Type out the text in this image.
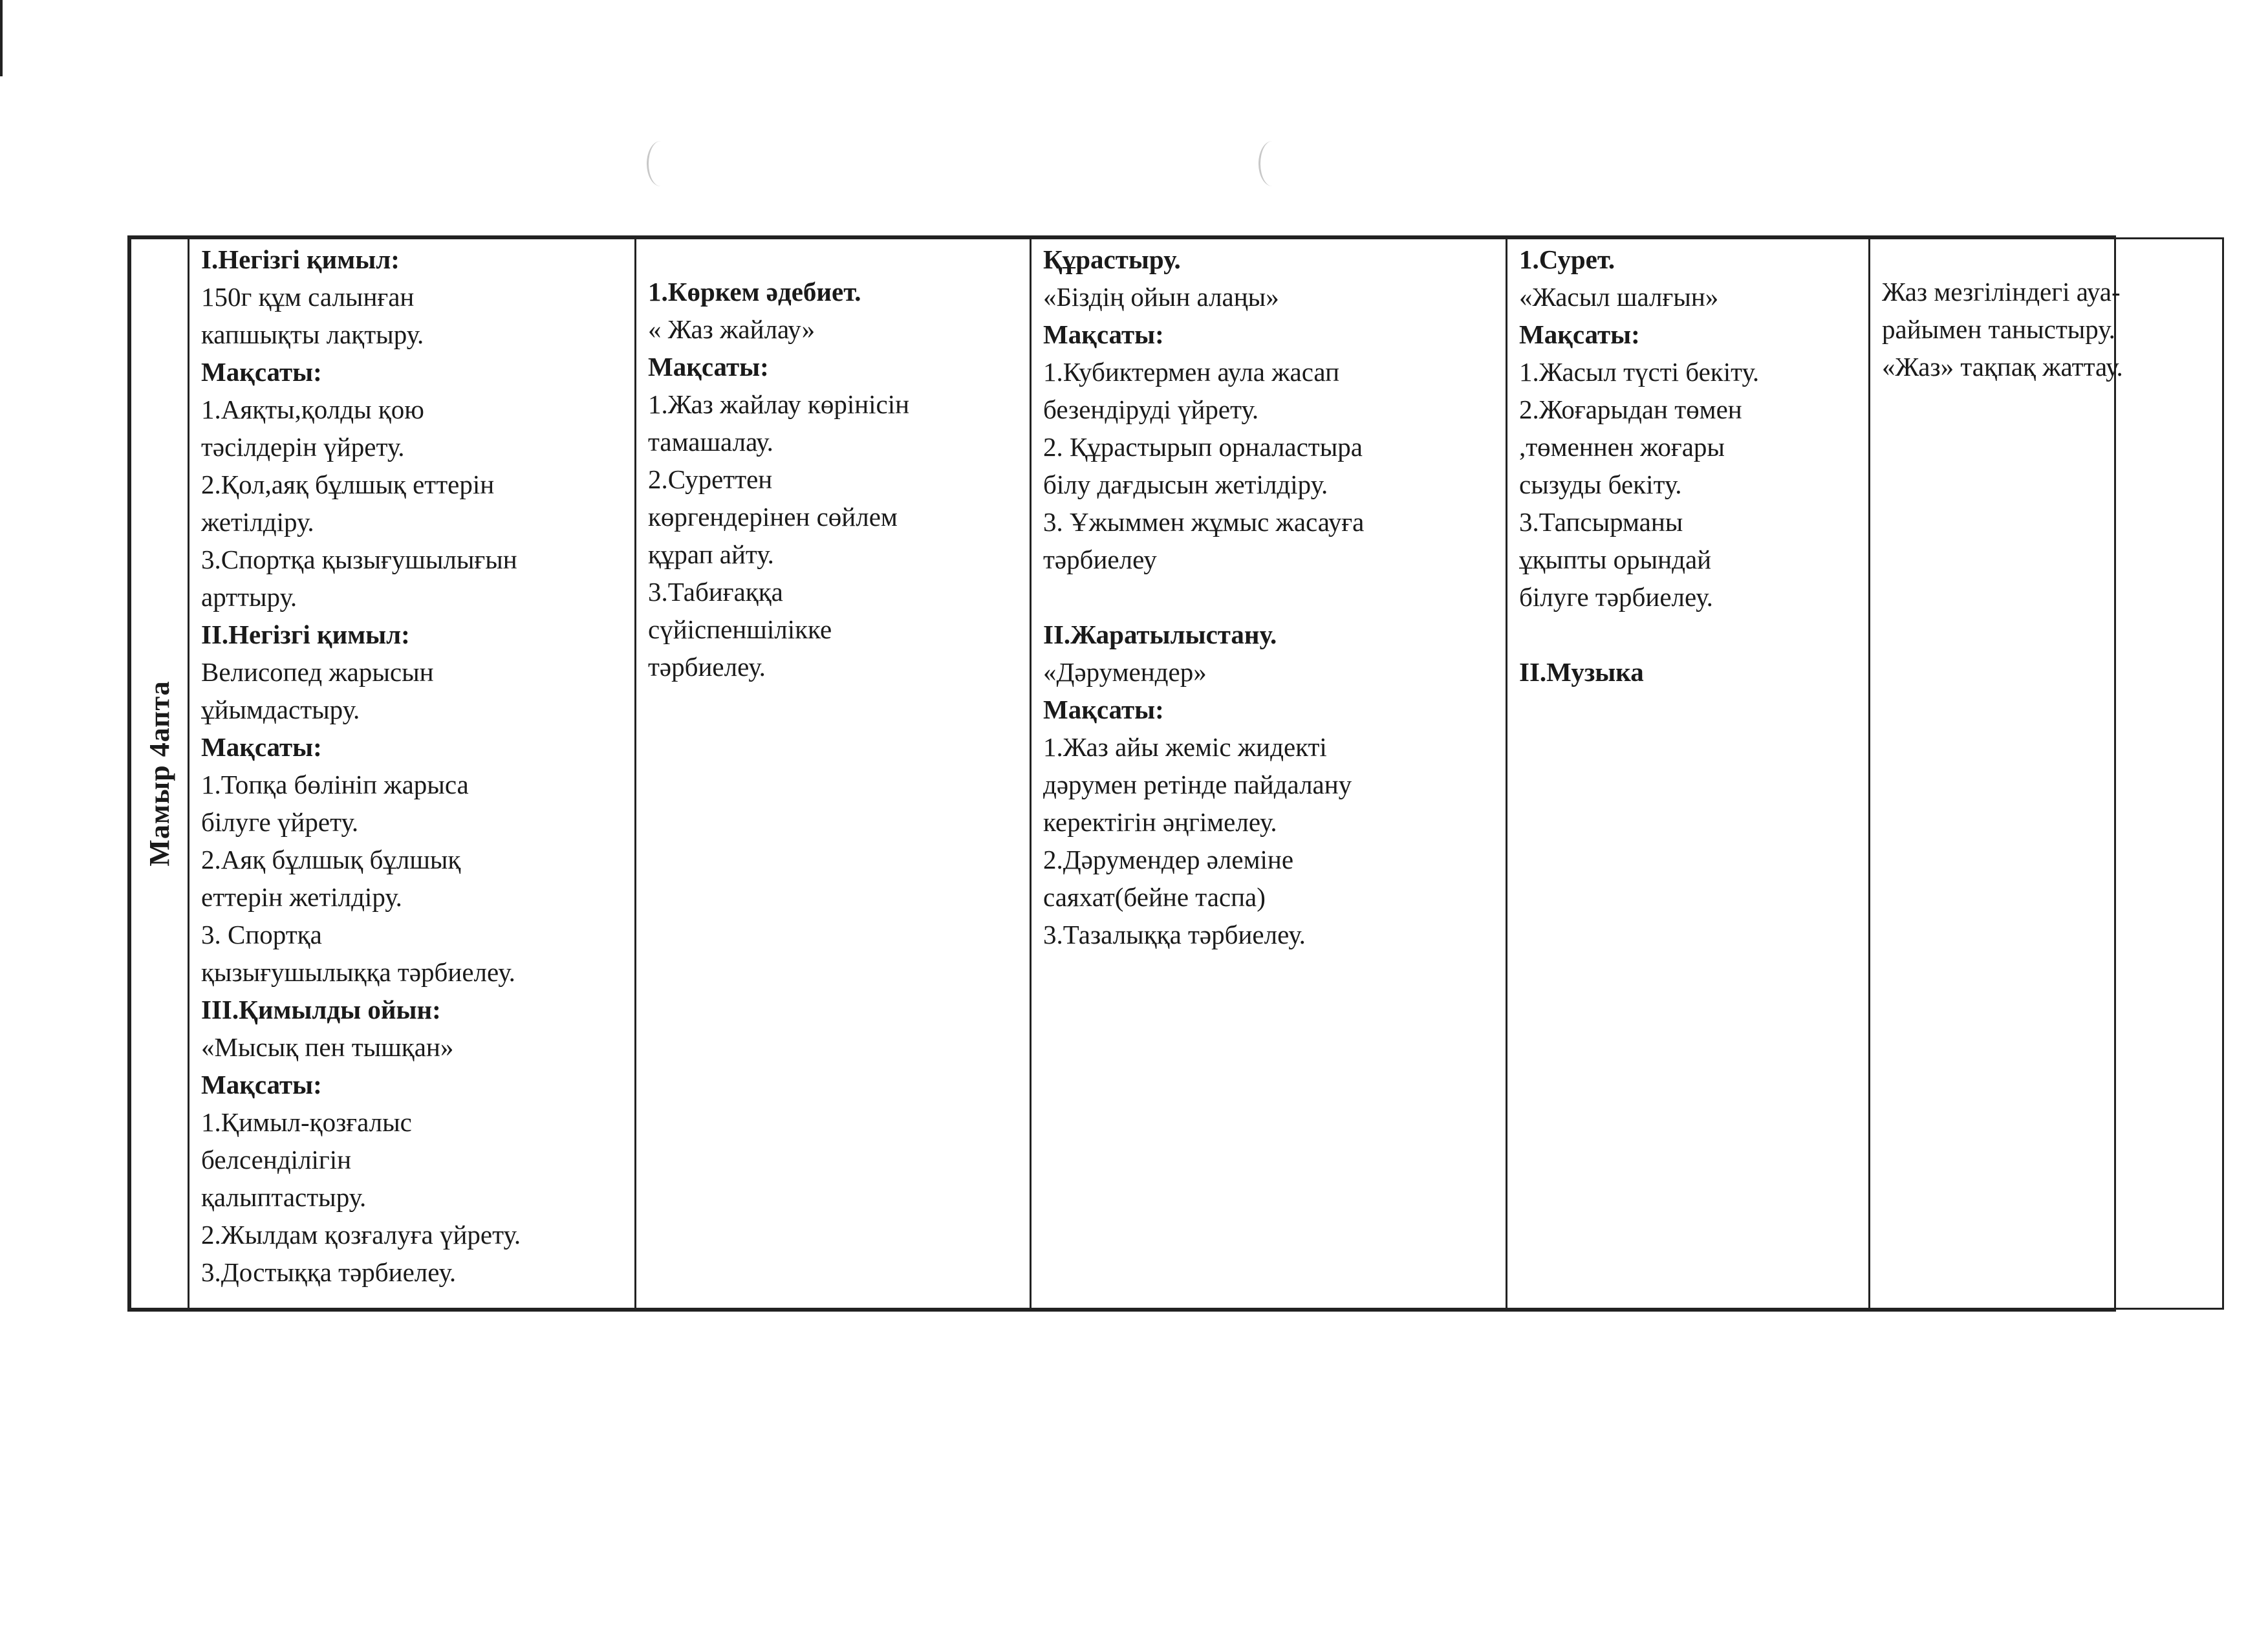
Мамыр 4апта

І.Негізгі қимыл:
150г құм салынған
капшықты лақтыру.
Мақсаты:
1.Аяқты,қолды қою
тәсілдерін үйрету.
2.Қол,аяқ бұлшық еттерін
жетілдіру.
3.Спортқа қызығушылығын
арттыру.
ІІ.Негізгі қимыл:
Велисопед жарысын
ұйымдастыру.
Мақсаты:
1.Топқа бөлініп жарыса
білуге үйрету.
2.Аяқ бұлшық бұлшық
еттерін жетілдіру.
3. Спортқа
қызығушылыққа тәрбиелеу.
ІІІ.Қимылды ойын:
«Мысық пен тышқан»
Мақсаты:
1.Қимыл-қозғалыс
белсенділігін
қалыптастыру.
2.Жылдам қозғалуға үйрету.
3.Достыққа тәрбиелеу.

1.Көркем әдебиет.
« Жаз жайлау»
Мақсаты:
1.Жаз жайлау көрінісін
тамашалау.
2.Суреттен
көргендерінен сөйлем
құрап айту.
3.Табиғаққа
сүйіспеншілікке
тәрбиелеу.

Құрастыру.
«Біздің ойын алаңы»
Мақсаты:
1.Кубиктермен аула жасап
безендіруді үйрету.
2. Құрастырып орналастыра
білу дағдысын жетілдіру.
3. Ұжыммен жұмыс жасауға
тәрбиелеу
ІІ.Жаратылыстану.
«Дәрумендер»
Мақсаты:
1.Жаз айы жеміс жидекті
дәрумен ретінде пайдалану
керектігін әңгімелеу.
2.Дәрумендер әлеміне
саяхат(бейне таспа)
3.Тазалыққа тәрбиелеу.

1.Сурет.
«Жасыл шалғын»
Мақсаты:
1.Жасыл түсті бекіту.
2.Жоғарыдан төмен
,төменнен жоғары
сызуды бекіту.
3.Тапсырманы
ұқыпты орындай
білуге тәрбиелеу.
ІІ.Музыка

Жаз мезгіліндегі ауа-
райымен таныстыру.
«Жаз» тақпақ жаттау.
